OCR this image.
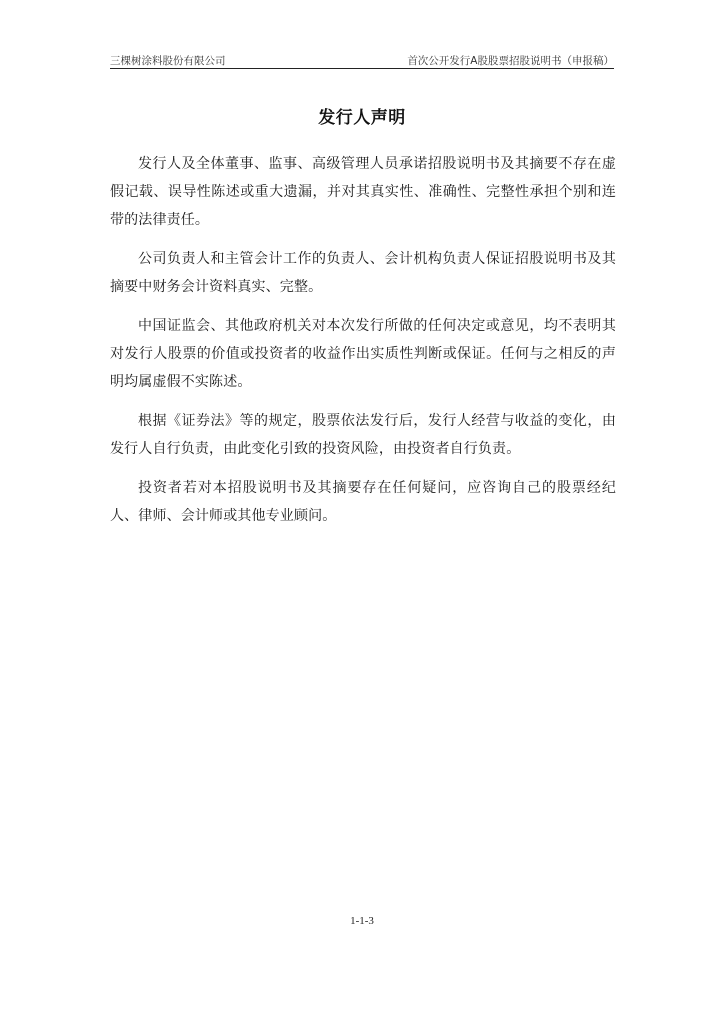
三棵树涂料股份有限公司	首次公开发行A股股票招股说明书（申报稿）
发行人声明

发行人及全体董事、监事、高级管理人员承诺招股说明书及其摘要不存在虚假记载、误导性陈述或重大遗漏，并对其真实性、准确性、完整性承担个别和连带的法律责任。

公司负责人和主管会计工作的负责人、会计机构负责人保证招股说明书及其摘要中财务会计资料真实、完整。

中国证监会、其他政府机关对本次发行所做的任何决定或意见，均不表明其对发行人股票的价值或投资者的收益作出实质性判断或保证。任何与之相反的声明均属虚假不实陈述。

根据《证券法》等的规定，股票依法发行后，发行人经营与收益的变化，由发行人自行负责，由此变化引致的投资风险，由投资者自行负责。

投资者若对本招股说明书及其摘要存在任何疑问，应咨询自己的股票经纪人、律师、会计师或其他专业顾问。

1-1-3
